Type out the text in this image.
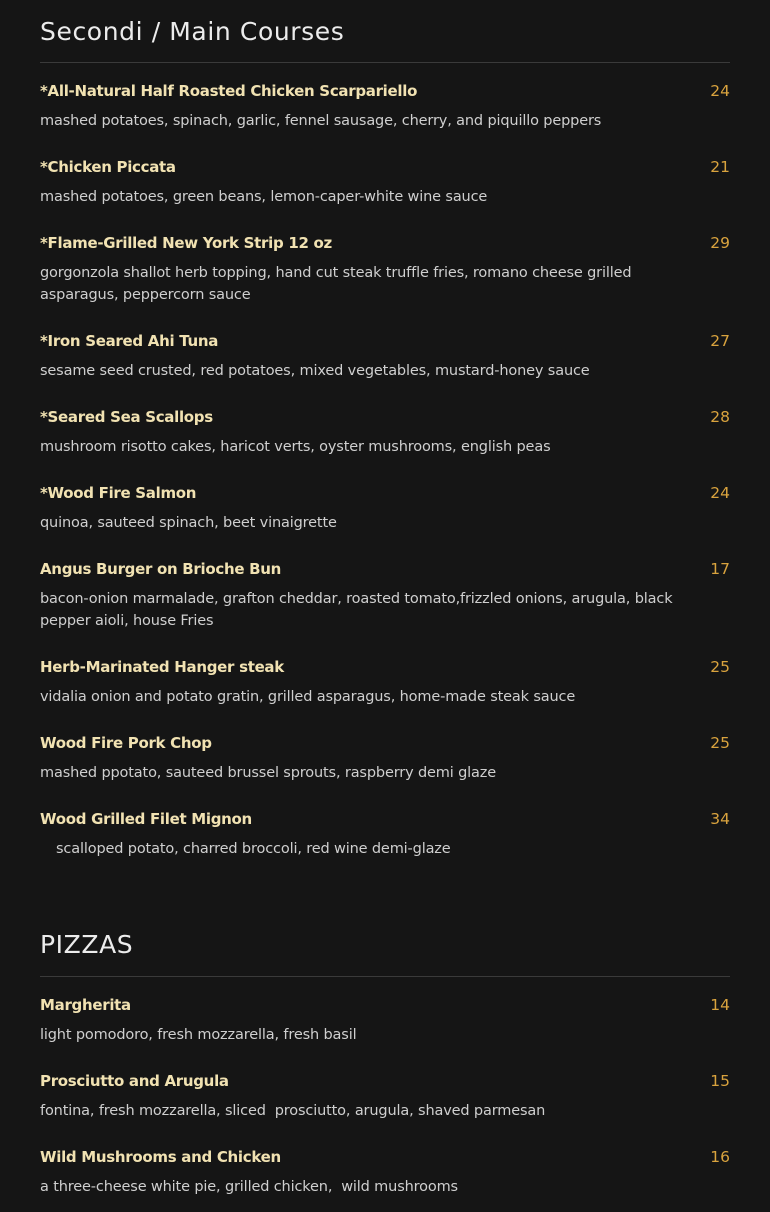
Secondi / Main Courses
*All-Natural Half Roasted Chicken Scarpariello	24
mashed potatoes, spinach, garlic, fennel sausage, cherry, and piquillo peppers
*Chicken Piccata	21
mashed potatoes, green beans, lemon-caper-white wine sauce
*Flame-Grilled New York Strip 12 oz	29
gorgonzola shallot herb topping, hand cut steak truffle fries, romano cheese grilled asparagus, peppercorn sauce
*Iron Seared Ahi Tuna	27
sesame seed crusted, red potatoes, mixed vegetables, mustard-honey sauce
*Seared Sea Scallops	28
mushroom risotto cakes, haricot verts, oyster mushrooms, english peas
*Wood Fire Salmon	24
quinoa, sauteed spinach, beet vinaigrette
Angus Burger on Brioche Bun	17
bacon-onion marmalade, grafton cheddar, roasted tomato,frizzled onions, arugula, black pepper aioli, house Fries
Herb-Marinated Hanger steak	25
vidalia onion and potato gratin, grilled asparagus, home-made steak sauce
Wood Fire Pork Chop	25
mashed ppotato, sauteed brussel sprouts, raspberry demi glaze
Wood Grilled Filet Mignon	34
scalloped potato, charred broccoli, red wine demi-glaze
PIZZAS
Margherita	14
light pomodoro, fresh mozzarella, fresh basil
Prosciutto and Arugula	15
fontina, fresh mozzarella, sliced  prosciutto, arugula, shaved parmesan
Wild Mushrooms and Chicken	16
a three-cheese white pie, grilled chicken,  wild mushrooms
